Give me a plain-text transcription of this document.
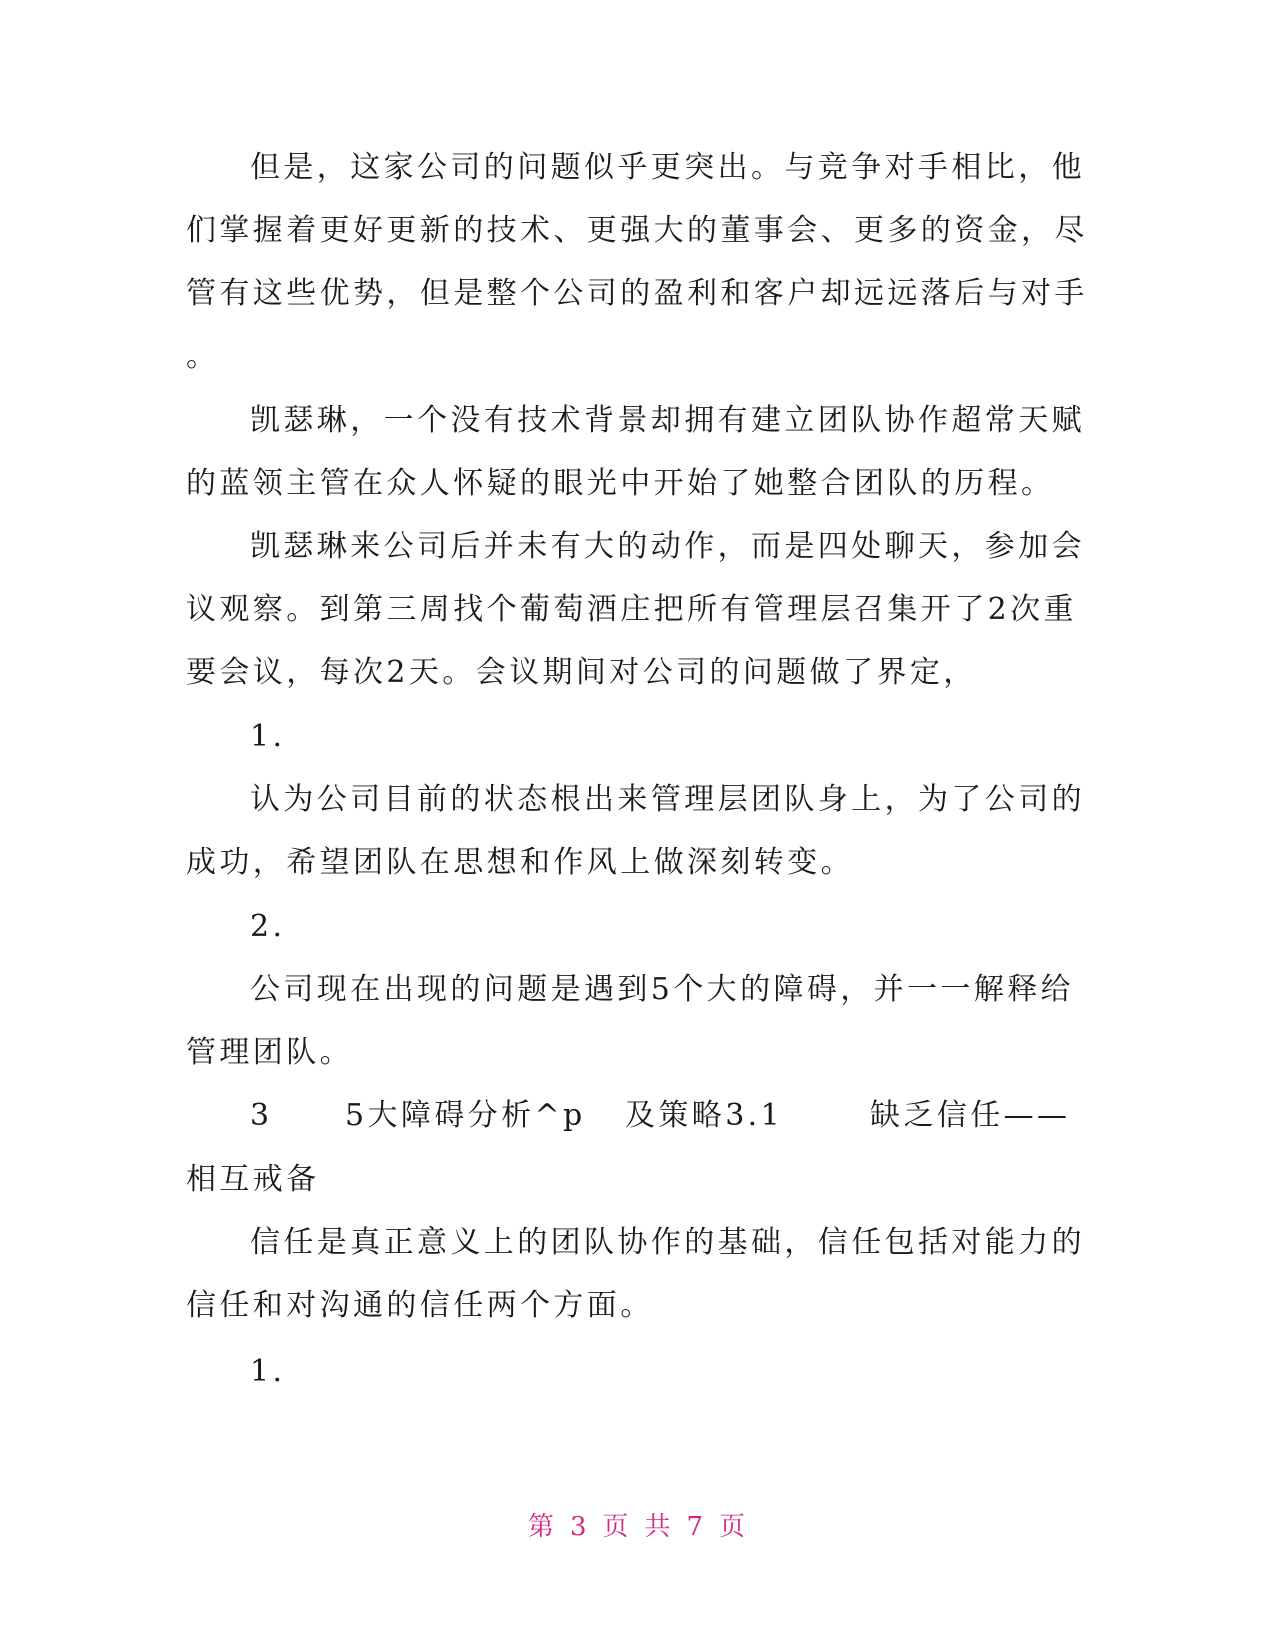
但是，这家公司的问题似乎更突出。与竞争对手相比，他
们掌握着更好更新的技术、更强大的董事会、更多的资金，尽
管有这些优势，但是整个公司的盈利和客户却远远落后与对手
。
凯瑟琳，一个没有技术背景却拥有建立团队协作超常天赋
的蓝领主管在众人怀疑的眼光中开始了她整合团队的历程。
凯瑟琳来公司后并未有大的动作，而是四处聊天，参加会
议观察。到第三周找个葡萄酒庄把所有管理层召集开了2次重
要会议，每次2天。会议期间对公司的问题做了界定，
1.
认为公司目前的状态根出来管理层团队身上，为了公司的
成功，希望团队在思想和作风上做深刻转变。
2.
公司现在出现的问题是遇到5个大的障碍，并一一解释给
管理团队。
3 5大障碍分析^p 及策略3.1	缺乏信任——
相互戒备
信任是真正意义上的团队协作的基础，信任包括对能力的
信任和对沟通的信任两个方面。
1.
第 3 页 共 7 页
